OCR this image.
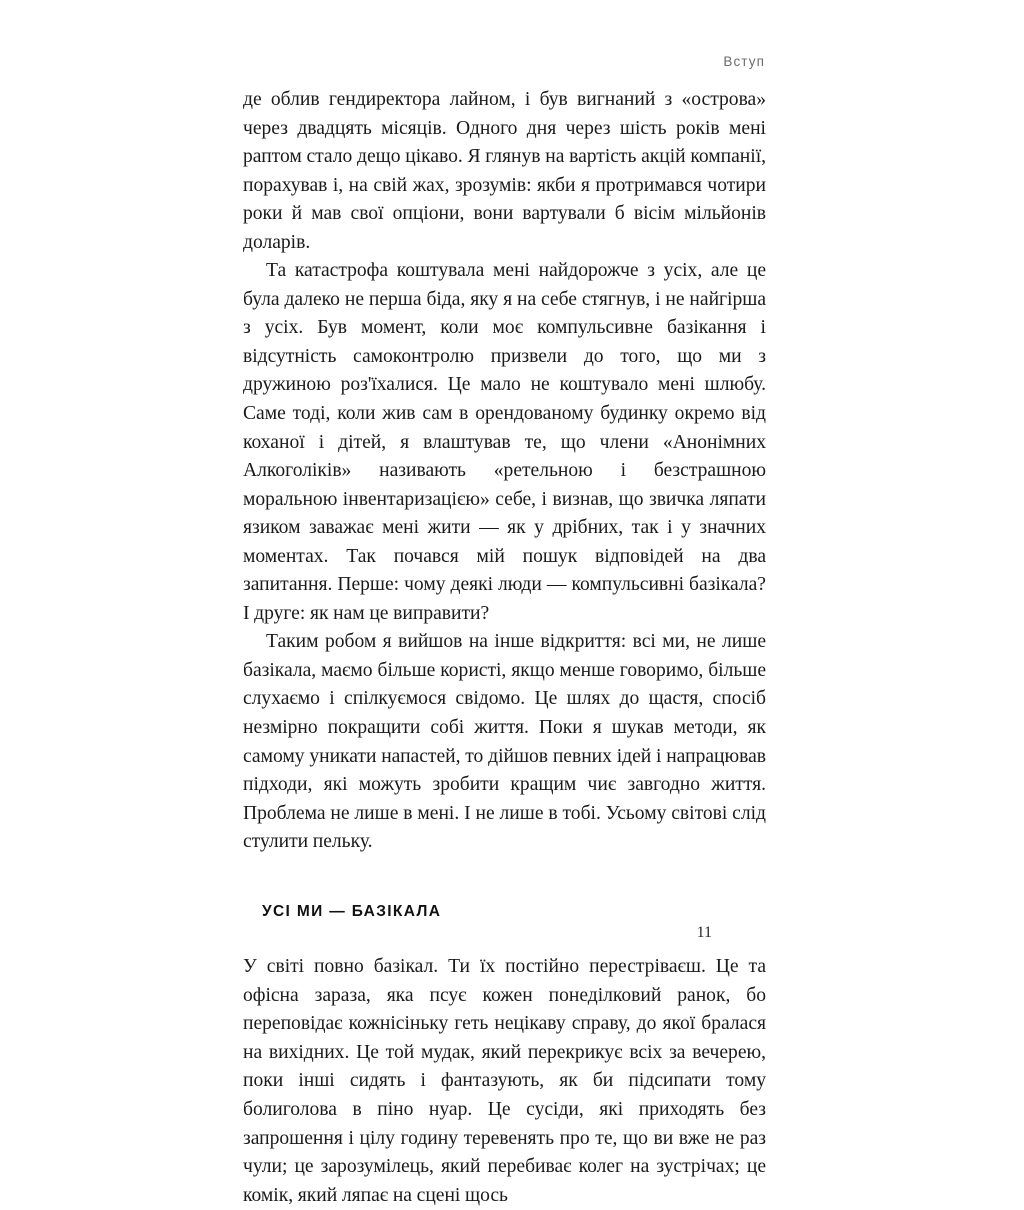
Вступ

де облив гендиректора лайном, і був вигнаний з «острова» через двадцять місяців. Одного дня через шість років мені раптом стало дещо цікаво. Я глянув на вартість акцій компанії, порахував і, на свій жах, зрозумів: якби я протримався чотири роки й мав свої опціони, вони вартували б вісім мільйонів доларів.

Та катастрофа коштувала мені найдорожче з усіх, але це була далеко не перша біда, яку я на себе стягнув, і не найгірша з усіх. Був момент, коли моє компульсивне базікання і відсутність самоконтролю призвели до того, що ми з дружиною роз'їхалися. Це мало не коштувало мені шлюбу. Саме тоді, коли жив сам в орендованому будинку окремо від коханої і дітей, я влаштував те, що члени «Анонімних Алкоголіків» називають «ретельною і безстрашною моральною інвентаризацією» себе, і визнав, що звичка ляпати язиком заважає мені жити — як у дрібних, так і у значних моментах. Так почався мій пошук відповідей на два запитання. Перше: чому деякі люди — компульсивні базікала? І друге: як нам це виправити?

Таким робом я вийшов на інше відкриття: всі ми, не лише базікала, маємо більше користі, якщо менше говоримо, більше слухаємо і спілкуємося свідомо. Це шлях до щастя, спосіб незмірно покращити собі життя. Поки я шукав методи, як самому уникати напастей, то дійшов певних ідей і напрацював підходи, які можуть зробити кращим чиє завгодно життя. Проблема не лише в мені. І не лише в тобі. Усьому світові слід стулити пельку.

УСІ МИ — БАЗІКАЛА

У світі повно базікал. Ти їх постійно перестріваєш. Це та офісна зараза, яка псує кожен понеділковий ранок, бо переповідає кожнісіньку геть нецікаву справу, до якої бралася на вихідних. Це той мудак, який перекрикує всіх за вечерею, поки інші сидять і фантазують, як би підсипати тому болиголова в піно нуар. Це сусіди, які приходять без запрошення і цілу годину теревенять про те, що ви вже не раз чули; це зарозумілець, який перебиває колег на зустрічах; це комік, який ляпає на сцені щось

11
